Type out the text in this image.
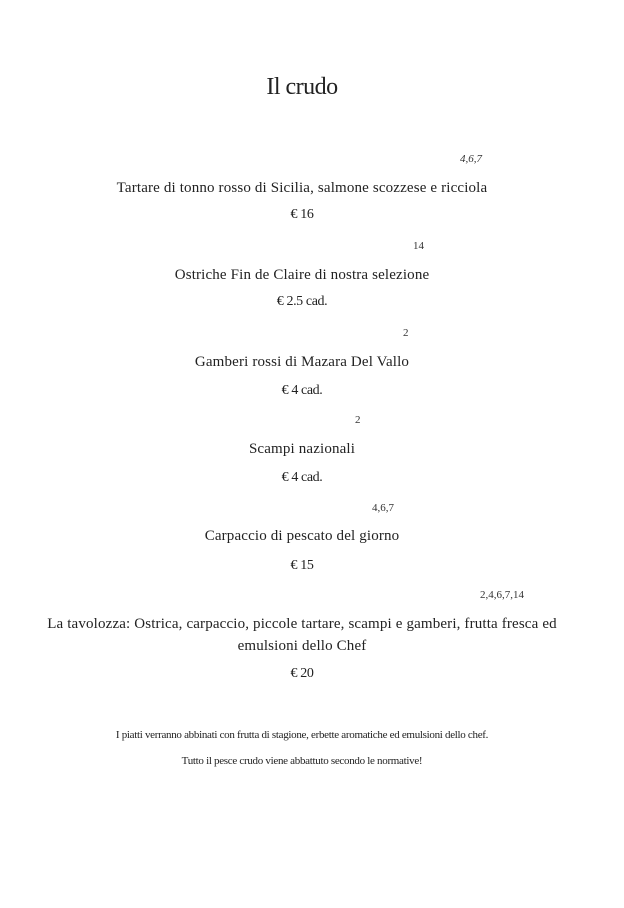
Il crudo
4,6,7
Tartare di tonno rosso di Sicilia, salmone scozzese e ricciola
€ 16
14
Ostriche Fin de Claire di nostra selezione
€ 2.5 cad.
2
Gamberi rossi di Mazara Del Vallo
€ 4 cad.
2
Scampi nazionali
€ 4 cad.
4,6,7
Carpaccio di pescato del giorno
€ 15
2,4,6,7,14
La tavolozza: Ostrica, carpaccio, piccole tartare, scampi e gamberi, frutta fresca ed emulsioni dello Chef
€ 20
I piatti verranno abbinati con frutta di stagione, erbette aromatiche ed emulsioni dello chef.
Tutto il pesce crudo viene abbattuto secondo le normative!
